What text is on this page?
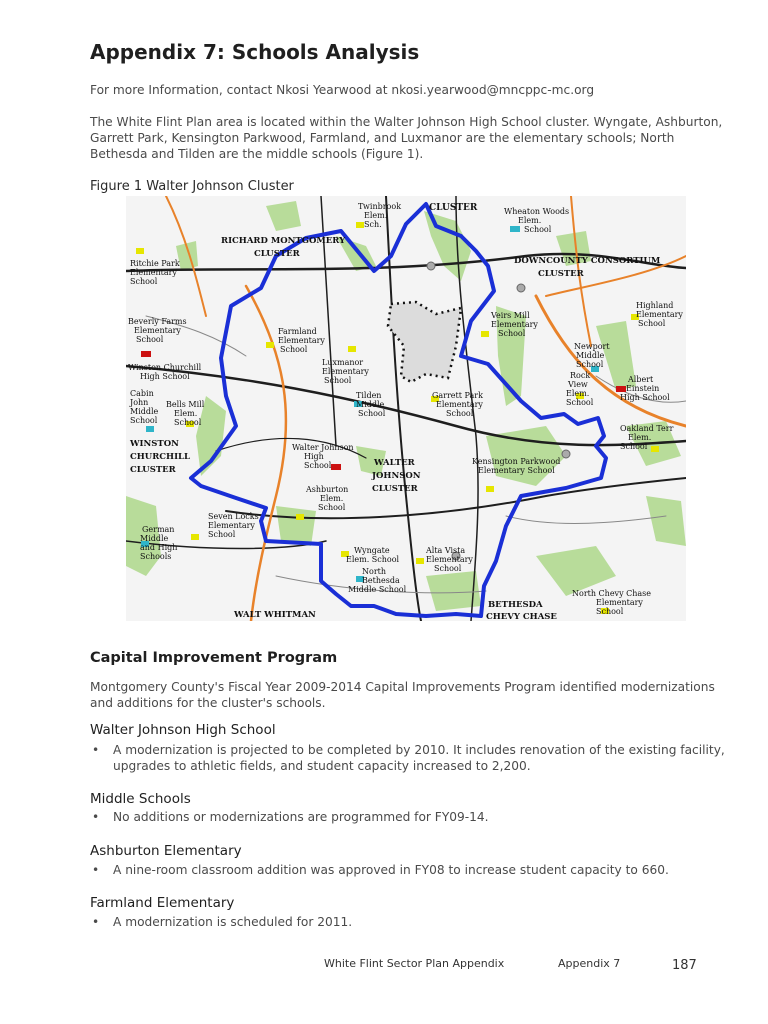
Appendix 7: Schools Analysis
For more Information, contact Nkosi Yearwood at nkosi.yearwood@mncppc-mc.org
The White Flint Plan area is located within the Walter Johnson High School cluster. Wyngate, Ashburton, Garrett Park, Kensington Parkwood, Farmland, and Luxmanor are the elementary schools; North Bethesda and Tilden are the middle schools (Figure 1).
Figure 1 Walter Johnson Cluster
CLUSTER	Wheaton Woods
Elem.
School
Twinbrook
Elem.
Sch.
RICHARD MONTGOMERY
CLUSTER
DOWNCOUNTY CONSORTIUM
CLUSTER
Ritchie Park
Elementary
School
Highland
Elementary
School
Beverly Farms
Elementary
School
Farmland
Elementary
School
Veirs Mill
Elementary
School
Newport
Middle
School
Winston Churchill
High School
Luxmanor
Elementary
School
Rock
View
Elem.
School
Albert
Einstein
High School
Cabin
John
Middle
School
Bells Mill
Elem.
School
Tilden
Middle
School
Garrett Park
Elementary
School
Oakland Terr
Elem.
School
WINSTON
CHURCHILL
CLUSTER
Walter Johnson
High
School	WALTER
JOHNSON
CLUSTER
Kensington Parkwood
Elementary School
Ashburton
Elem.
School
Seven Locks
Elementary
School
German
Middle
and High
Schools
Wyngate
Elem. School
Alta Vista
Elementary
School
North
Bethesda
Middle School	North Chevy Chase
Elementary
School
WALT WHITMAN
BETHESDA
CHEVY CHASE
Capital Improvement Program
Montgomery County's Fiscal Year 2009-2014 Capital Improvements Program identified modernizations and additions for the cluster's schools.
Walter Johnson High School
• A modernization is projected to be completed by 2010. It includes renovation of the existing facility, upgrades to athletic fields, and student capacity increased to 2,200.
Middle Schools
• No additions or modernizations are programmed for FY09-14.
Ashburton Elementary
• A nine-room classroom addition was approved in FY08 to increase student capacity to 660.
Farmland Elementary
• A modernization is scheduled for 2011.
White Flint Sector Plan Appendix	Appendix 7	187
